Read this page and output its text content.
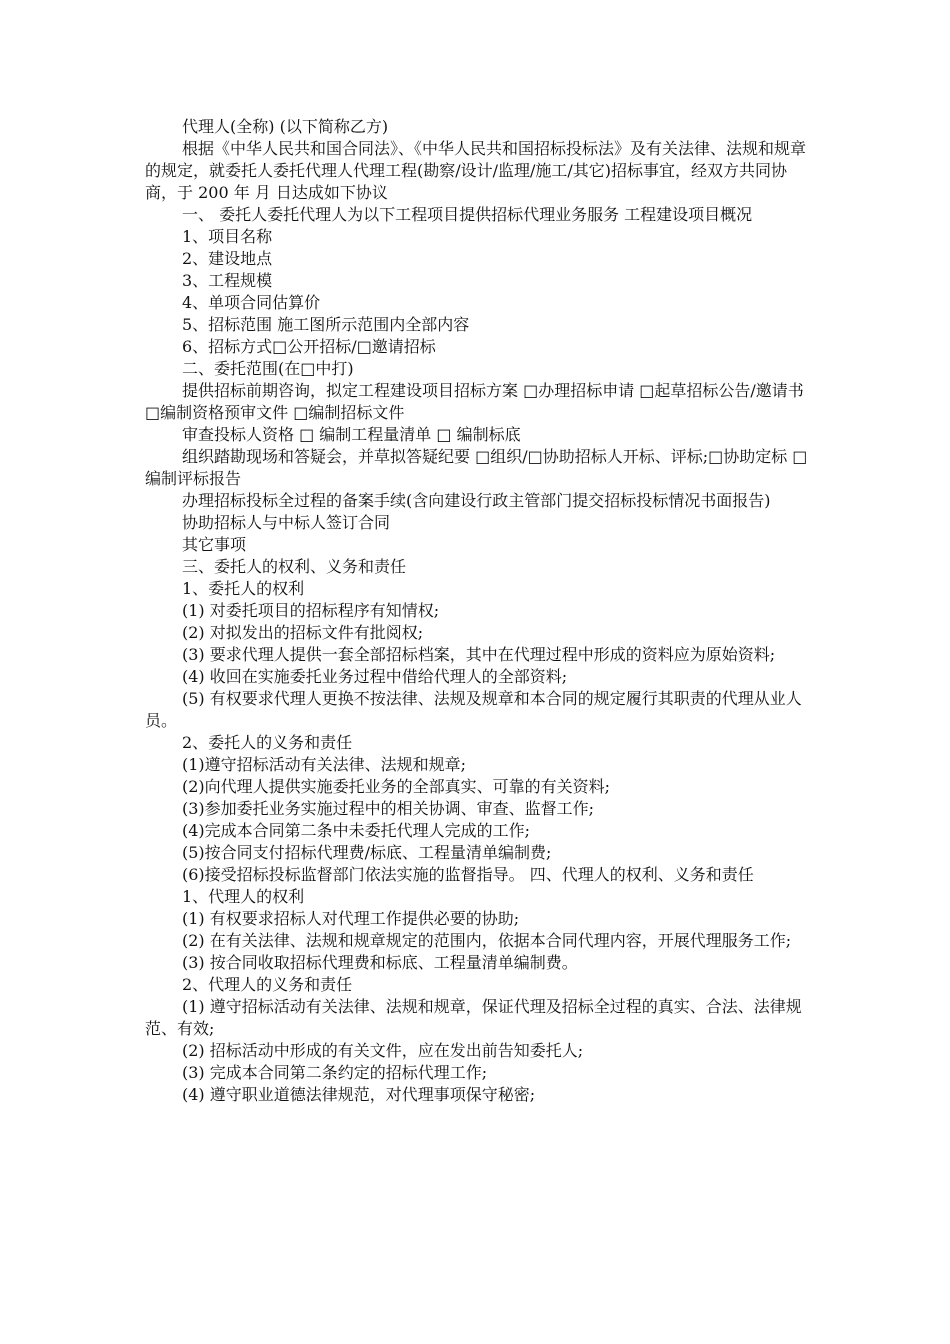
代理人(全称) (以下简称乙方)

根据《中华人民共和国合同法》、《中华人民共和国招标投标法》及有关法律、法规和规章的规定，就委托人委托代理人代理工程(勘察/设计/监理/施工/其它)招标事宜，经双方共同协商，于 200 年 月 日达成如下协议

一、 委托人委托代理人为以下工程项目提供招标代理业务服务 工程建设项目概况

1、项目名称

2、建设地点

3、工程规模

4、单项合同估算价

5、招标范围 施工图所示范围内全部内容

6、招标方式□公开招标/□邀请招标

二、委托范围(在□中打)

提供招标前期咨询，拟定工程建设项目招标方案 □办理招标申请 □起草招标公告/邀请书 □编制资格预审文件 □编制招标文件

审查投标人资格 □ 编制工程量清单 □ 编制标底

组织踏勘现场和答疑会，并草拟答疑纪要 □组织/□协助招标人开标、评标;□协助定标 □编制评标报告

办理招标投标全过程的备案手续(含向建设行政主管部门提交招标投标情况书面报告)

协助招标人与中标人签订合同

其它事项

三、委托人的权利、义务和责任

1、委托人的权利

(1) 对委托项目的招标程序有知情权;

(2) 对拟发出的招标文件有批阅权;

(3) 要求代理人提供一套全部招标档案，其中在代理过程中形成的资料应为原始资料;

(4) 收回在实施委托业务过程中借给代理人的全部资料;

(5) 有权要求代理人更换不按法律、法规及规章和本合同的规定履行其职责的代理从业人员。

2、委托人的义务和责任

(1)遵守招标活动有关法律、法规和规章;

(2)向代理人提供实施委托业务的全部真实、可靠的有关资料;

(3)参加委托业务实施过程中的相关协调、审查、监督工作;

(4)完成本合同第二条中未委托代理人完成的工作;

(5)按合同支付招标代理费/标底、工程量清单编制费;

(6)接受招标投标监督部门依法实施的监督指导。 四、代理人的权利、义务和责任

1、代理人的权利

(1) 有权要求招标人对代理工作提供必要的协助;

(2) 在有关法律、法规和规章规定的范围内，依据本合同代理内容，开展代理服务工作;

(3) 按合同收取招标代理费和标底、工程量清单编制费。

2、代理人的义务和责任

(1) 遵守招标活动有关法律、法规和规章，保证代理及招标全过程的真实、合法、法律规范、有效;

(2) 招标活动中形成的有关文件，应在发出前告知委托人;

(3) 完成本合同第二条约定的招标代理工作;

(4) 遵守职业道德法律规范，对代理事项保守秘密;
